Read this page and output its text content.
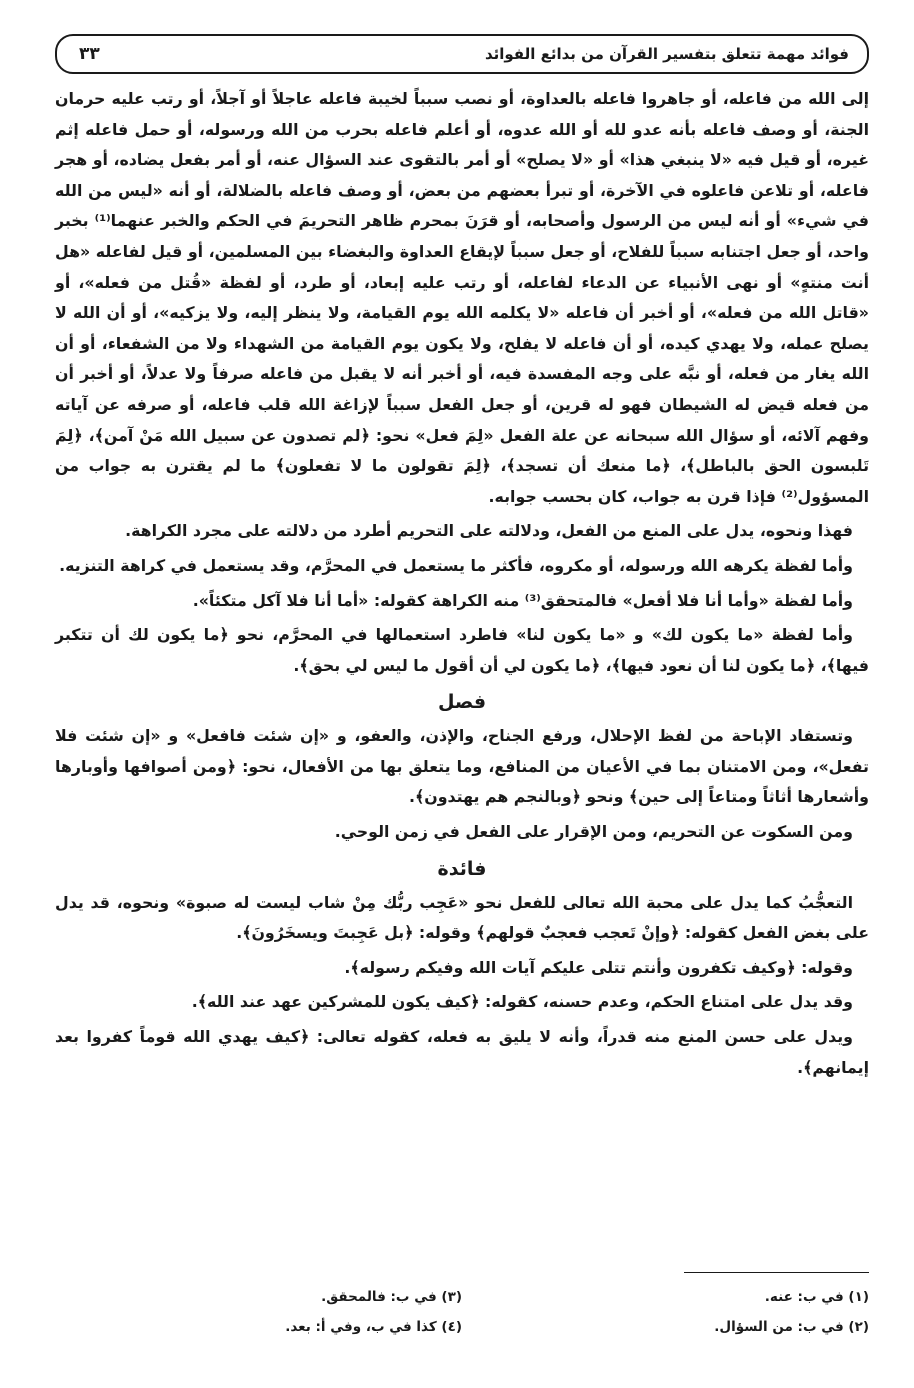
فوائد مهمة تتعلق بتفسير القرآن من بدائع الفوائد
٣٣

إلى الله من فاعله، أو جاهروا فاعله بالعداوة، أو نصب سبباً لخيبة فاعله عاجلاً أو آجلاً، أو رتب عليه حرمان الجنة، أو وصف فاعله بأنه عدو لله أو الله عدوه، أو أعلم فاعله بحرب من الله ورسوله، أو حمل فاعله إثم غيره، أو قيل فيه «لا ينبغي هذا» أو «لا يصلح» أو أمر بالتقوى عند السؤال عنه، أو أمر بفعل يضاده، أو هجر فاعله، أو تلاعن فاعلوه في الآخرة، أو تبرأ بعضهم من بعض، أو وصف فاعله بالضلالة، أو أنه «ليس من الله في شيء» أو أنه ليس من الرسول وأصحابه، أو قرَنَ بمحرم ظاهر التحريمَ في الحكم والخبر عنهما⁽¹⁾ بخبر واحد، أو جعل اجتنابه سبباً للفلاح، أو جعل سبباً لإيقاع العداوة والبغضاء بين المسلمين، أو قيل لفاعله «هل أنت منتهٍ» أو نهى الأنبياء عن الدعاء لفاعله، أو رتب عليه إبعاد، أو طرد، أو لفظة «قُتل من فعله»، أو «قاتل الله من فعله»، أو أخبر أن فاعله «لا يكلمه الله يوم القيامة، ولا ينظر إليه، ولا يزكيه»، أو أن الله لا يصلح عمله، ولا يهدي كيده، أو أن فاعله لا يفلح، ولا يكون يوم القيامة من الشهداء ولا من الشفعاء، أو أن الله يغار من فعله، أو نبَّه على وجه المفسدة فيه، أو أخبر أنه لا يقبل من فاعله صرفاً ولا عدلاً، أو أخبر أن من فعله قيض له الشيطان فهو له قرين، أو جعل الفعل سبباً لإزاغة الله قلب فاعله، أو صرفه عن آياته وفهم آلائه، أو سؤال الله سبحانه عن علة الفعل «لِمَ فعل» نحو: ﴿لم تصدون عن سبيل الله مَنْ آمن﴾، ﴿لِمَ تَلبسون الحق بالباطل﴾، ﴿ما منعك أن تسجد﴾، ﴿لِمَ تقولون ما لا تفعلون﴾ ما لم يقترن به جواب من المسؤول⁽²⁾ فإذا قرن به جواب، كان بحسب جوابه.

فهذا ونحوه، يدل على المنع من الفعل، ودلالته على التحريم أطرد من دلالته على مجرد الكراهة.

وأما لفظة يكرهه الله ورسوله، أو مكروه، فأكثر ما يستعمل في المحرَّم، وقد يستعمل في كراهة التنزيه.

وأما لفظة «وأما أنا فلا أفعل» فالمتحقق⁽³⁾ منه الكراهة كقوله: «أما أنا فلا آكل متكئاً».

وأما لفظة «ما يكون لك» و «ما يكون لنا» فاطرد استعمالها في المحرَّم، نحو ﴿ما يكون لك أن تتكبر فيها﴾، ﴿ما يكون لنا أن نعود فيها﴾، ﴿ما يكون لي أن أقول ما ليس لي بحق﴾.

فصل

وتستفاد الإباحة من لفظ الإحلال، ورفع الجناح، والإذن، والعفو، و «إن شئت فافعل» و «إن شئت فلا تفعل»، ومن الامتنان بما في الأعيان من المنافع، وما يتعلق بها من الأفعال، نحو: ﴿ومن أصوافها وأوبارها وأشعارها أثاثاً ومتاعاً إلى حين﴾ ونحو ﴿وبالنجم هم يهتدون﴾.

ومن السكوت عن التحريم، ومن الإقرار على الفعل في زمن الوحي.

فائدة

التعجُّبُ كما يدل على محبة الله تعالى للفعل نحو «عَجِب ربُّك مِنْ شاب ليست له صبوة» ونحوه، قد يدل على بغض الفعل كقوله: ﴿وإنْ تَعجب فعجبٌ قولهم﴾ وقوله: ﴿بل عَجِبتَ ويسخَرُونَ﴾.

وقوله: ﴿وكيف تكفرون وأنتم تتلى عليكم آيات الله وفيكم رسوله﴾.

وقد يدل على امتناع الحكم، وعدم حسنه، كقوله: ﴿كيف يكون للمشركين عهد عند الله﴾.

ويدل على حسن المنع منه قدراً، وأنه لا يليق به فعله، كقوله تعالى: ﴿كيف يهدي الله قوماً كفروا بعد إيمانهم﴾.

(١) في ب: عنه.
(٢) في ب: من السؤال.
(٣) في ب: فالمحقق.
(٤) كذا في ب، وفي أ: بعد.
